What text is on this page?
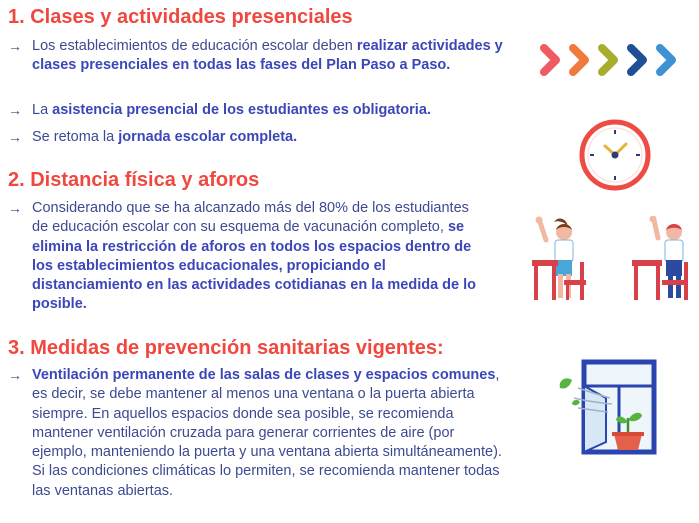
1. Clases y actividades presenciales
→ Los establecimientos de educación escolar deben realizar actividades y clases presenciales en todas las fases del Plan Paso a Paso.
→ La asistencia presencial de los estudiantes es obligatoria.
→ Se retoma la jornada escolar completa.
2. Distancia física y aforos
→ Considerando que se ha alcanzado más del 80% de los estudiantes de educación escolar con su esquema de vacunación completo, se elimina la restricción de aforos en todos los espacios dentro de los establecimientos educacionales, propiciando el distanciamiento en las actividades cotidianas en la medida de lo posible.
3. Medidas de prevención sanitarias vigentes:
→ Ventilación permanente de las salas de clases y espacios comunes, es decir, se debe mantener al menos una ventana o la puerta abierta siempre. En aquellos espacios donde sea posible, se recomienda mantener ventilación cruzada para generar corrientes de aire (por ejemplo, manteniendo la puerta y una ventana abierta simultáneamente). Si las condiciones climáticas lo permiten, se recomienda mantener todas las ventanas abiertas.
